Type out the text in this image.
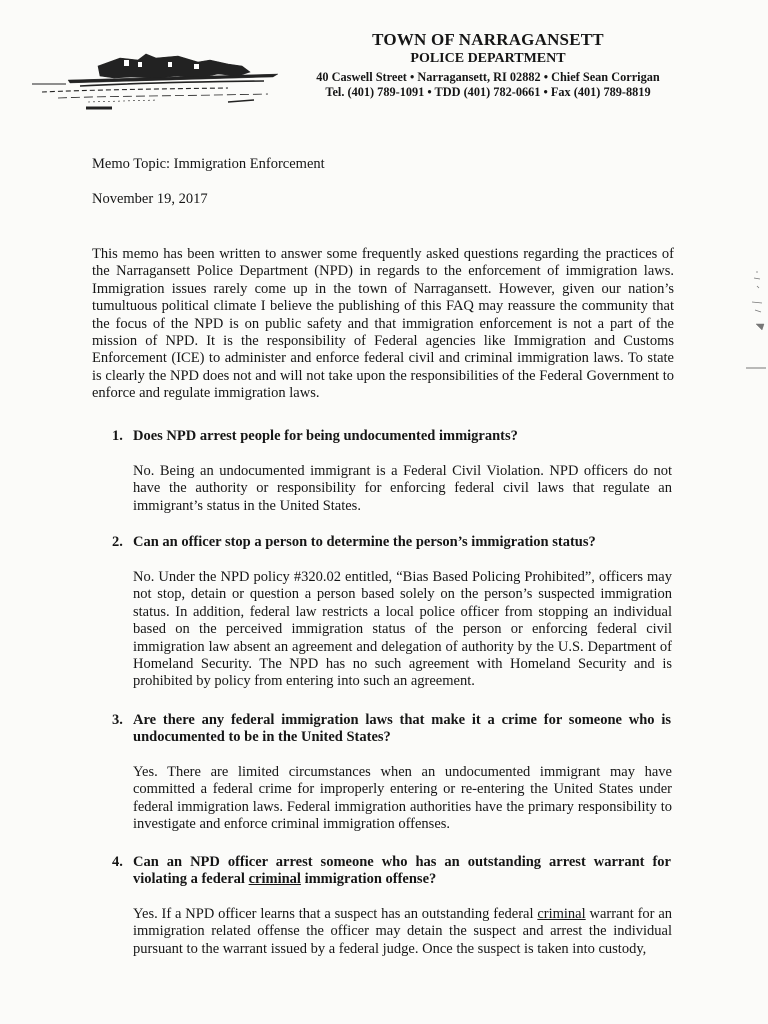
TOWN OF NARRAGANSETT
POLICE DEPARTMENT
40 Caswell Street • Narragansett, RI 02882 • Chief Sean Corrigan
Tel. (401) 789-1091 • TDD (401) 782-0661 • Fax (401) 789-8819
Memo Topic: Immigration Enforcement
November 19, 2017

This memo has been written to answer some frequently asked questions regarding the practices of the Narragansett Police Department (NPD) in regards to the enforcement of immigration laws. Immigration issues rarely come up in the town of Narragansett. However, given our nation’s tumultuous political climate I believe the publishing of this FAQ may reassure the community that the focus of the NPD is on public safety and that immigration enforcement is not a part of the mission of NPD. It is the responsibility of Federal agencies like Immigration and Customs Enforcement (ICE) to administer and enforce federal civil and criminal immigration laws. To state is clearly the NPD does not and will not take upon the responsibilities of the Federal Government to enforce and regulate immigration laws.

1. Does NPD arrest people for being undocumented immigrants?

No. Being an undocumented immigrant is a Federal Civil Violation. NPD officers do not have the authority or responsibility for enforcing federal civil laws that regulate an immigrant’s status in the United States.

2. Can an officer stop a person to determine the person’s immigration status?

No. Under the NPD policy #320.02 entitled, “Bias Based Policing Prohibited”, officers may not stop, detain or question a person based solely on the person’s suspected immigration status. In addition, federal law restricts a local police officer from stopping an individual based on the perceived immigration status of the person or enforcing federal civil immigration law absent an agreement and delegation of authority by the U.S. Department of Homeland Security. The NPD has no such agreement with Homeland Security and is prohibited by policy from entering into such an agreement.

3. Are there any federal immigration laws that make it a crime for someone who is undocumented to be in the United States?

Yes. There are limited circumstances when an undocumented immigrant may have committed a federal crime for improperly entering or re-entering the United States under federal immigration laws. Federal immigration authorities have the primary responsibility to investigate and enforce criminal immigration offenses.

4. Can an NPD officer arrest someone who has an outstanding arrest warrant for violating a federal criminal immigration offense?

Yes. If a NPD officer learns that a suspect has an outstanding federal criminal warrant for an immigration related offense the officer may detain the suspect and arrest the individual pursuant to the warrant issued by a federal judge. Once the suspect is taken into custody,
